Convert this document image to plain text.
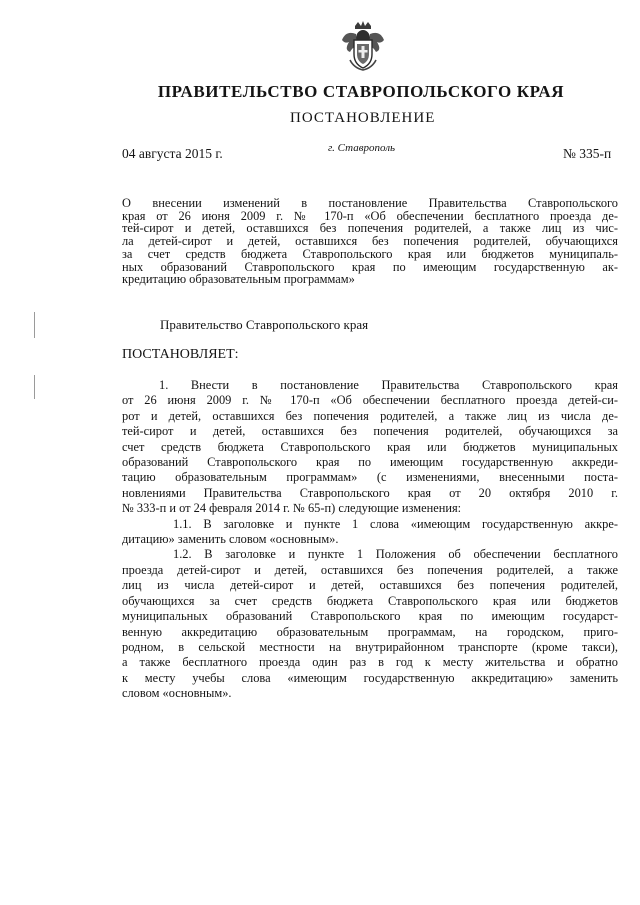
ПРАВИТЕЛЬСТВО СТАВРОПОЛЬСКОГО КРАЯ
ПОСТАНОВЛЕНИЕ
04 августа 2015 г.	г. Ставрополь	№ 335-п
О внесении изменений в постановление Правительства Ставропольского
края от 26 июня 2009 г. № 170-п «Об обеспечении бесплатного проезда де-
тей-сирот и детей, оставшихся без попечения родителей, а также лиц из чис-
ла детей-сирот и детей, оставшихся без попечения родителей, обучающихся
за счет средств бюджета Ставропольского края или бюджетов муниципаль-
ных образований Ставропольского края по имеющим государственную ак-
кредитацию образовательным программам»
Правительство Ставропольского края
ПОСТАНОВЛЯЕТ:
1. Внести в постановление Правительства Ставропольского края
от 26 июня 2009 г. № 170-п «Об обеспечении бесплатного проезда детей-си-
рот и детей, оставшихся без попечения родителей, а также лиц из числа де-
тей-сирот и детей, оставшихся без попечения родителей, обучающихся за
счет средств бюджета Ставропольского края или бюджетов муниципальных
образований Ставропольского края по имеющим государственную аккреди-
тацию образовательным программам» (с изменениями, внесенными поста-
новлениями Правительства Ставропольского края от 20 октября 2010 г.
№ 333-п и от 24 февраля 2014 г. № 65-п) следующие изменения:
1.1. В заголовке и пункте 1 слова «имеющим государственную аккре-
дитацию» заменить словом «основным».
1.2. В заголовке и пункте 1 Положения об обеспечении бесплатного
проезда детей-сирот и детей, оставшихся без попечения родителей, а также
лиц из числа детей-сирот и детей, оставшихся без попечения родителей,
обучающихся за счет средств бюджета Ставропольского края или бюджетов
муниципальных образований Ставропольского края по имеющим государст-
венную аккредитацию образовательным программам, на городском, приго-
родном, в сельской местности на внутрирайонном транспорте (кроме такси),
а также бесплатного проезда один раз в год к месту жительства и обратно
к месту учебы слова «имеющим государственную аккредитацию» заменить
словом «основным».
